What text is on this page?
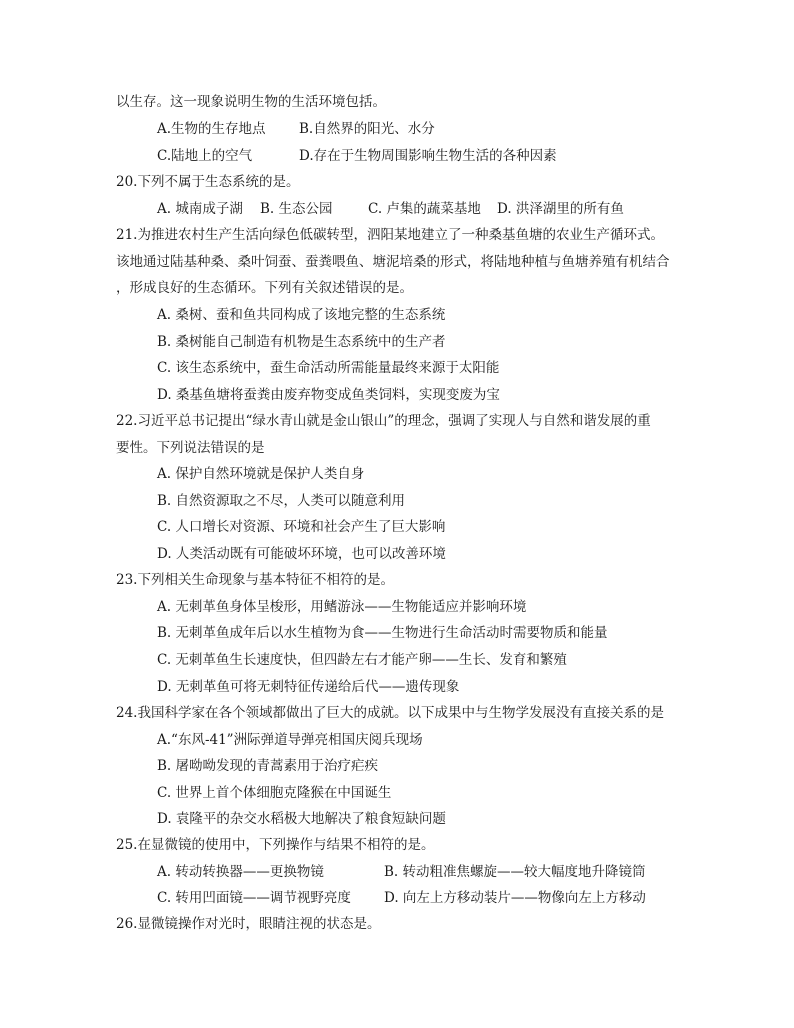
以生存。这一现象说明生物的生活环境包括。
A.生物的生存地点 B.自然界的阳光、水分
C.陆地上的空气	D.存在于生物周围影响生物生活的各种因素
20.下列不属于生态系统的是。
A. 城南成子湖 B. 生态公园	C. 卢集的蔬菜基地 D. 洪泽湖里的所有鱼
21.为推进农村生产生活向绿色低碳转型，泗阳某地建立了一种桑基鱼塘的农业生产循环式。
该地通过陆基种桑、桑叶饲蚕、蚕粪喂鱼、塘泥培桑的形式，将陆地种植与鱼塘养殖有机结合
，形成良好的生态循环。下列有关叙述错误的是。
A. 桑树、蚕和鱼共同构成了该地完整的生态系统
B. 桑树能自己制造有机物是生态系统中的生产者
C. 该生态系统中，蚕生命活动所需能量最终来源于太阳能
D. 桑基鱼塘将蚕粪由废弃物变成鱼类饲料，实现变废为宝
22.习近平总书记提出“绿水青山就是金山银山”的理念，强调了实现人与自然和谐发展的重
要性。下列说法错误的是
A. 保护自然环境就是保护人类自身
B. 自然资源取之不尽，人类可以随意利用
C. 人口增长对资源、环境和社会产生了巨大影响
D. 人类活动既有可能破坏环境，也可以改善环境
23.下列相关生命现象与基本特征不相符的是。
A. 无刺革鱼身体呈梭形，用鳍游泳——生物能适应并影响环境
B. 无刺革鱼成年后以水生植物为食——生物进行生命活动时需要物质和能量
C. 无刺革鱼生长速度快，但四龄左右才能产卵——生长、发育和繁殖
D. 无刺革鱼可将无刺特征传递给后代——遗传现象
24.我国科学家在各个领域都做出了巨大的成就。以下成果中与生物学发展没有直接关系的是
A.“东风-41”洲际弹道导弹亮相国庆阅兵现场
B. 屠呦呦发现的青蒿素用于治疗疟疾
C. 世界上首个体细胞克隆猴在中国诞生
D. 袁隆平的杂交水稻极大地解决了粮食短缺问题
25.在显微镜的使用中，下列操作与结果不相符的是。
A. 转动转换器——更换物镜	B. 转动粗准焦螺旋——较大幅度地升降镜筒
C. 转用凹面镜——调节视野亮度 D. 向左上方移动装片——物像向左上方移动
26.显微镜操作对光时，眼睛注视的状态是。
